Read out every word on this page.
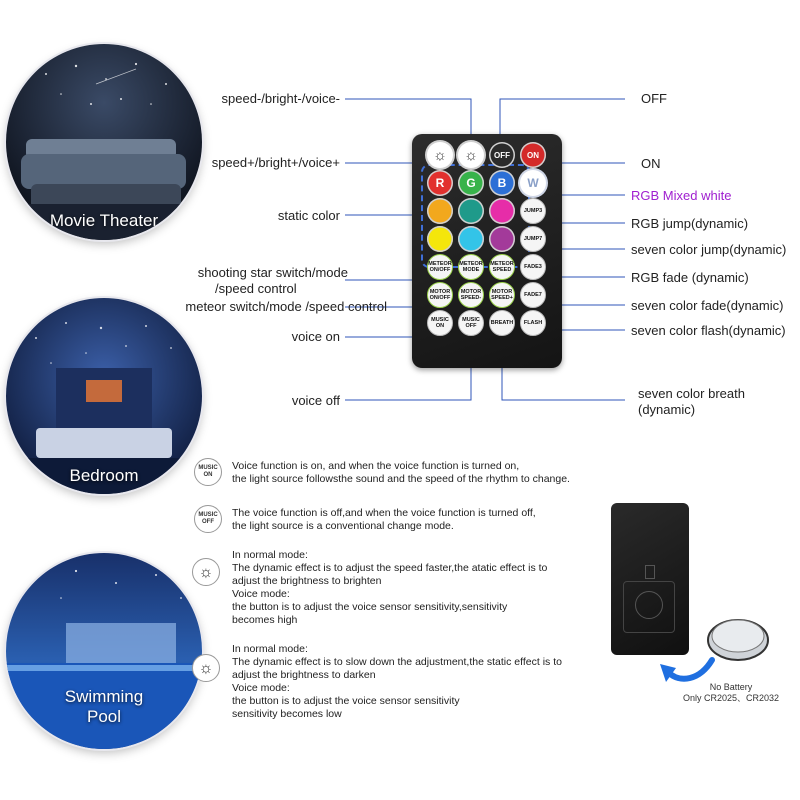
Movie Theater
Bedroom
Swimming
Pool
☼ ☼ OFF ON
R G B W
JUMP3
JUMP7
METEOR ON/OFF
METEOR MODE
METEOR SPEED	FADE3
MOTOR ON/OFF
MOTOR SPEED-
MOTOR SPEED+ FADE7
MUSIC ON
MUSIC OFF	BREATH FLASH
speed-/bright-/voice-
speed+/bright+/voice+
static color
shooting star switch/mode
/speed control
meteor switch/mode /speed control
voice on
voice off
OFF
ON
RGB Mixed white
RGB jump(dynamic)
seven color jump(dynamic)
RGB fade (dynamic)
seven color fade(dynamic)
seven color flash(dynamic)
seven color breath
(dynamic)
MUSIC ON
Voice function is on, and when the voice function is turned on,
the light source followsthe sound and the speed of the rhythm to change.
MUSIC OFF
The voice function is off,and when the voice function is turned off,
the light source is a conventional change mode.
☼
In normal mode:
The dynamic effect is to adjust the speed faster,the atatic effect is to
adjust the brightness to brighten
Voice mode:
the button is to adjust the voice sensor sensitivity,sensitivity
becomes high
☼
In normal mode:
The dynamic effect is to slow down the adjustment,the static effect is to
adjust the brightness to darken
Voice mode:
the button is to adjust the voice sensor sensitivity
sensitivity becomes low
No Battery
Only CR2025、CR2032
